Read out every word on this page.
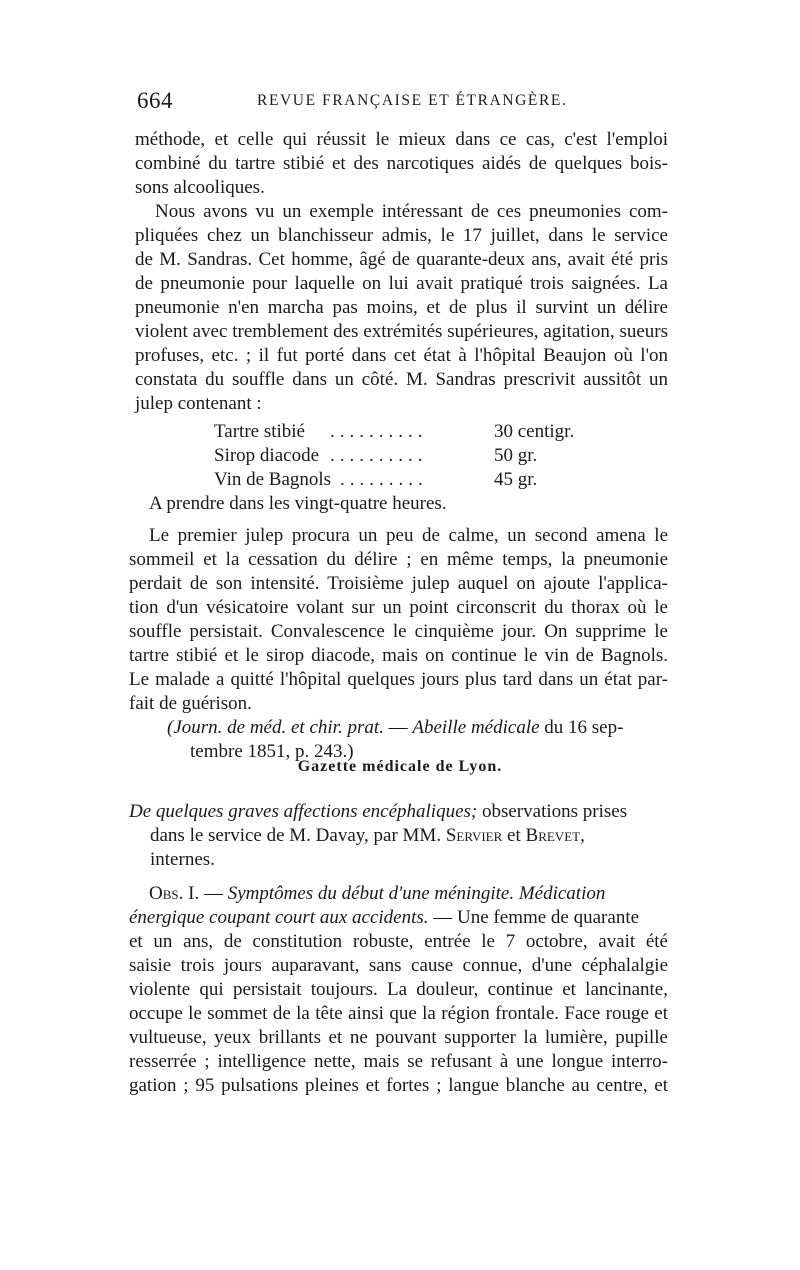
664	REVUE FRANÇAISE ET ÉTRANGÈRE.
méthode, et celle qui réussit le mieux dans ce cas, c'est l'emploi
combiné du tartre stibié et des narcotiques aidés de quelques bois-
sons alcooliques.
Nous avons vu un exemple intéressant de ces pneumonies com-
pliquées chez un blanchisseur admis, le 17 juillet, dans le service
de M. Sandras. Cet homme, âgé de quarante-deux ans, avait été pris
de pneumonie pour laquelle on lui avait pratiqué trois saignées. La
pneumonie n'en marcha pas moins, et de plus il survint un délire
violent avec tremblement des extrémités supérieures, agitation, sueurs
profuses, etc. ; il fut porté dans cet état à l'hôpital Beaujon où l'on
constata du souffle dans un côté. M. Sandras prescrivit aussitôt un
julep contenant :
Tartre stibié ..........	30 centigr.
Sirop diacode ..........	50 gr.
Vin de Bagnols .........	45 gr.
A prendre dans les vingt-quatre heures.
Le premier julep procura un peu de calme, un second amena le
sommeil et la cessation du délire ; en même temps, la pneumonie
perdait de son intensité. Troisième julep auquel on ajoute l'applica-
tion d'un vésicatoire volant sur un point circonscrit du thorax où le
souffle persistait. Convalescence le cinquième jour. On supprime le
tartre stibié et le sirop diacode, mais on continue le vin de Bagnols.
Le malade a quitté l'hôpital quelques jours plus tard dans un état par-
fait de guérison.
(Journ. de méd. et chir. prat. — Abeille médicale du 16 sep-
tembre 1851, p. 243.)
Gazette médicale de Lyon.
De quelques graves affections encéphaliques; observations prises
dans le service de M. Davay, par MM. Servier et Brevet,
internes.
Obs. I. — Symptômes du début d'une méningite. Médication
énergique coupant court aux accidents. — Une femme de quarante
et un ans, de constitution robuste, entrée le 7 octobre, avait été
saisie trois jours auparavant, sans cause connue, d'une céphalalgie
violente qui persistait toujours. La douleur, continue et lancinante,
occupe le sommet de la tête ainsi que la région frontale. Face rouge et
vultueuse, yeux brillants et ne pouvant supporter la lumière, pupille
resserrée ; intelligence nette, mais se refusant à une longue interro-
gation ; 95 pulsations pleines et fortes ; langue blanche au centre, et
